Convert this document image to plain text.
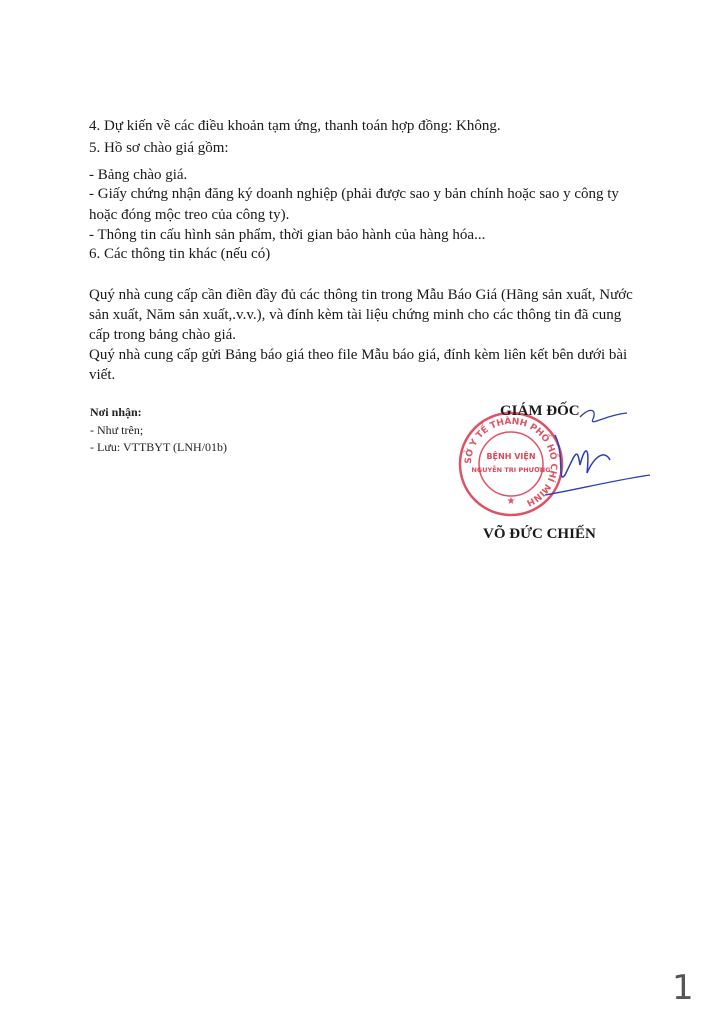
4. Dự kiến về các điều khoản tạm ứng, thanh toán hợp đồng: Không.
5. Hồ sơ chào giá gồm:
- Bảng chào giá.
- Giấy chứng nhận đăng ký doanh nghiệp (phải được sao y bản chính hoặc sao y công ty
hoặc đóng mộc treo của công ty).
- Thông tin cấu hình sản phẩm, thời gian bảo hành của hàng hóa...
6. Các thông tin khác (nếu có)
Quý nhà cung cấp cần điền đầy đủ các thông tin trong Mẫu Báo Giá (Hãng sản xuất, Nước
sản xuất, Năm sản xuất,.v.v.), và đính kèm tài liệu chứng minh cho các thông tin đã cung
cấp trong bảng chào giá.
Quý nhà cung cấp gửi Bảng báo giá theo file Mẫu báo giá, đính kèm liên kết bên dưới bài
viết.
Nơi nhận:
- Như trên;
- Lưu: VTTBYT (LNH/01b)
SỞ Y TẾ THÀNH PHỐ HỒ CHÍ MINH
BỆNH VIỆN
NGUYỄN TRI PHƯƠNG
★
GIÁM ĐỐC
VÕ ĐỨC CHIẾN
1
